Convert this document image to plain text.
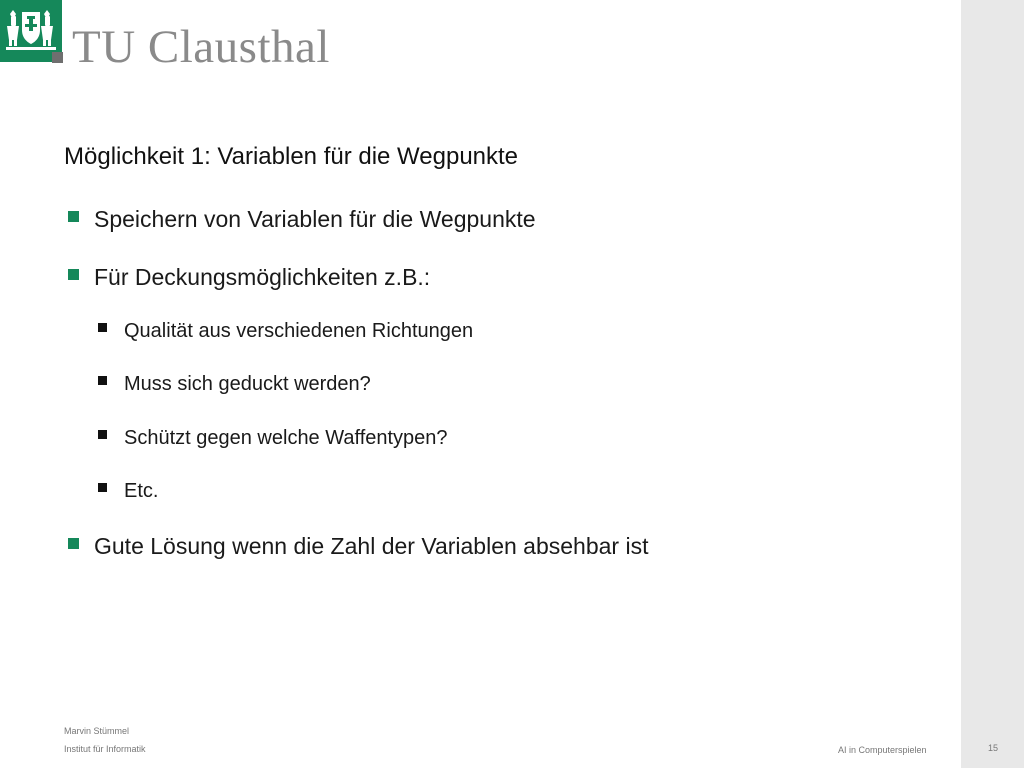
TU Clausthal
Möglichkeit 1: Variablen für die Wegpunkte
Speichern von Variablen für die Wegpunkte
Für Deckungsmöglichkeiten z.B.:
Qualität aus verschiedenen Richtungen
Muss sich geduckt werden?
Schützt gegen welche Waffentypen?
Etc.
Gute Lösung wenn die Zahl der Variablen absehbar ist
Marvin Stümmel
Institut für Informatik	AI in Computerspielen	15
